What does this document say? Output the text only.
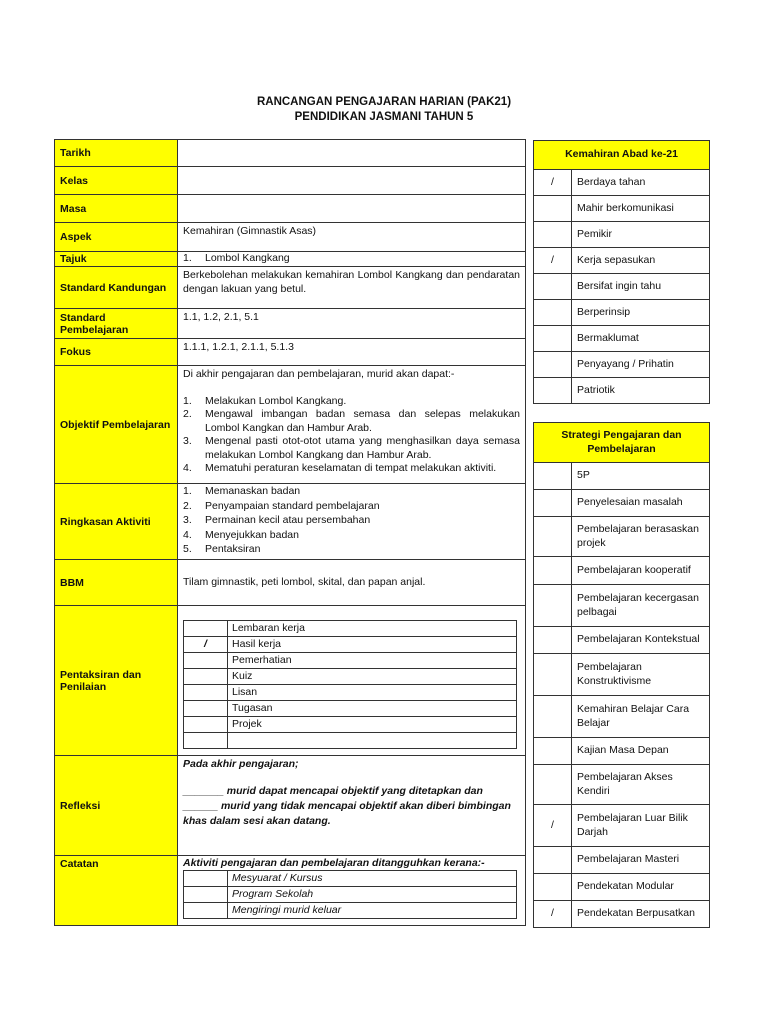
RANCANGAN PENGAJARAN HARIAN (PAK21)
PENDIDIKAN JASMANI TAHUN 5
Tarikh	
Kelas	
Masa	
Aspek	Kemahiran (Gimnastik Asas)
Tajuk	1. Lombol Kangkang
Standard Kandungan	Berkebolehan melakukan kemahiran Lombol Kangkang dan pendaratan dengan lakuan yang betul.
Standard Pembelajaran	1.1, 1.2, 2.1, 5.1
Fokus	1.1.1, 1.2.1, 2.1.1, 5.1.3
Objektif Pembelajaran	

Di akhir pengajaran dan pembelajaran, murid akan dapat:-

1. Melakukan Lombol Kangkang.
2. Mengawal imbangan badan semasa dan selepas melakukan Lombol Kangkan dan Hambur Arab.
3. Mengenal pasti otot-otot utama yang menghasilkan daya semasa melakukan Lombol Kangkang dan Hambur Arab.
4. Mematuhi peraturan keselamatan di tempat melakukan aktiviti.

Ringkasan Aktiviti	
1. Memanaskan badan
2. Penyampaian standard pembelajaran
3. Permainan kecil atau persembahan
4. Menyejukkan badan
5. Pentaksiran

BBM	Tilam gimnastik, peti lombol, skital, dan papan anjal.
Pentaksiran dan Penilaian	
	Lembaran kerja
/	Hasil kerja
	Pemerhatian
	Kuiz
	Lisan
	Tugasan
	Projek

Refleksi	

Pada akhir pengajaran;

_______ murid dapat mencapai objektif yang ditetapkan dan ______ murid yang tidak mencapai objektif akan diberi bimbingan khas dalam sesi akan datang.

Catatan	Aktiviti pengajaran dan pembelajaran ditangguhkan kerana:-
	Mesyuarat / Kursus
	Program Sekolah
	Mengiringi murid keluar
Kemahiran Abad ke-21	
/	Berdaya tahan
	Mahir berkomunikasi
	Pemikir
/	Kerja sepasukan
	Bersifat ingin tahu
	Berperinsip
	Bermaklumat
	Penyayang / Prihatin
	Patriotik
Strategi Pengajaran dan Pembelajaran	
	5P
	Penyelesaian masalah
	Pembelajaran berasaskan projek
	Pembelajaran kooperatif
	Pembelajaran kecergasan pelbagai
	Pembelajaran Kontekstual
	Pembelajaran Konstruktivisme
	Kemahiran Belajar Cara Belajar
	Kajian Masa Depan
	Pembelajaran Akses Kendiri
/	Pembelajaran Luar Bilik Darjah
	Pembelajaran Masteri
	Pendekatan Modular
/	Pendekatan Berpusatkan
